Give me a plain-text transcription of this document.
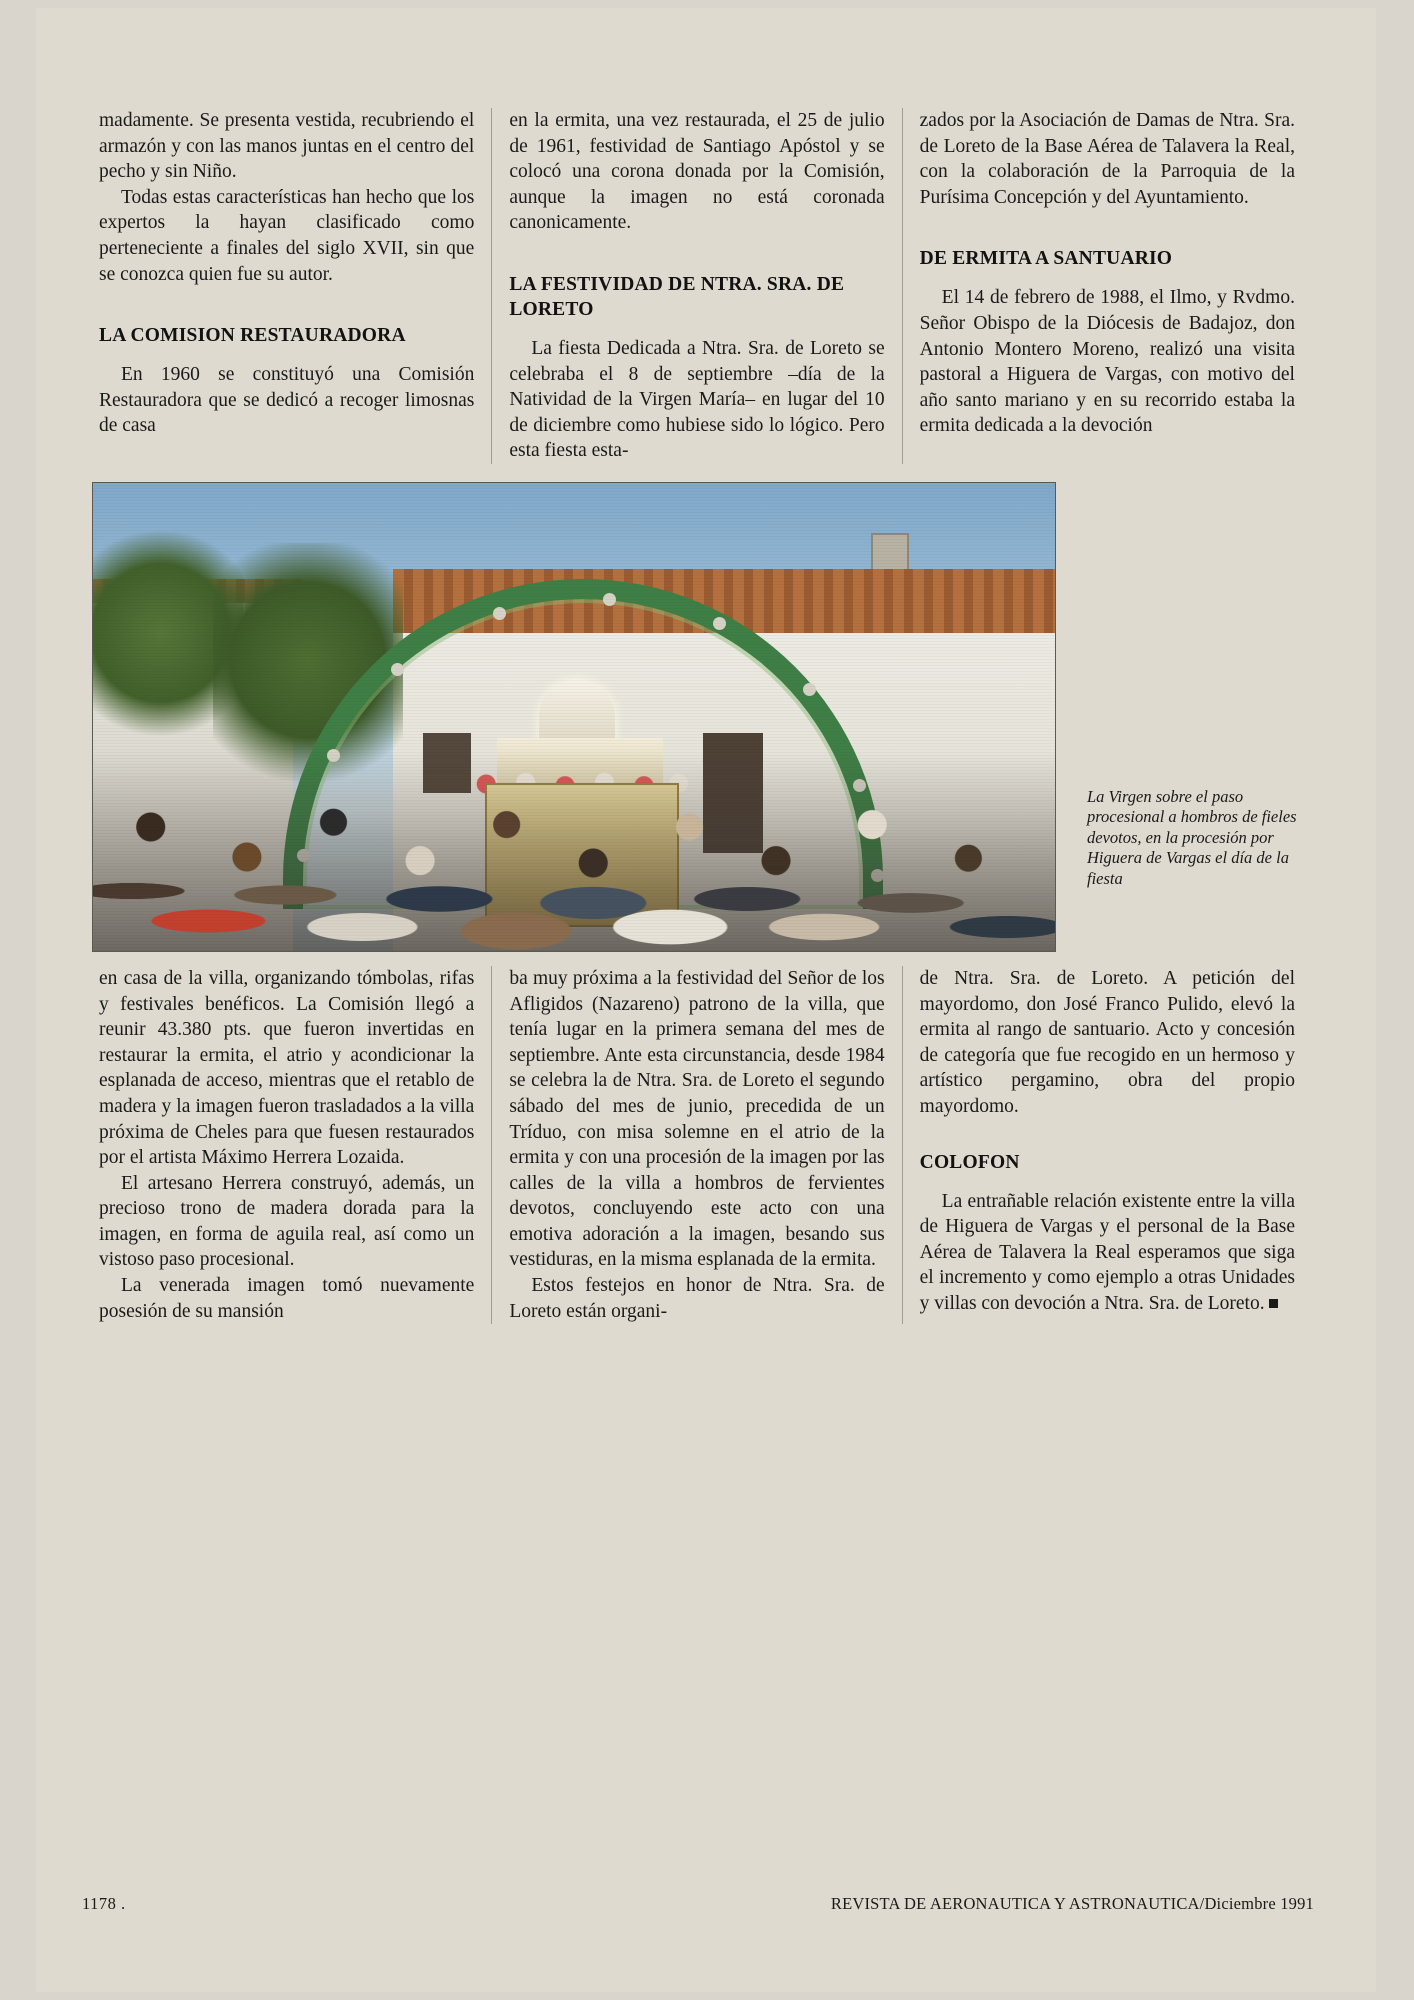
madamente. Se presenta vestida, recubriendo el armazón y con las manos juntas en el centro del pecho y sin Niño.

Todas estas características han hecho que los expertos la hayan clasificado como perteneciente a finales del siglo XVII, sin que se conozca quien fue su autor.

LA COMISION RESTAURADORA

En 1960 se constituyó una Comisión Restauradora que se dedicó a recoger limosnas de casa

en la ermita, una vez restaurada, el 25 de julio de 1961, festividad de Santiago Apóstol y se colocó una corona donada por la Comisión, aunque la imagen no está coronada canonicamente.

LA FESTIVIDAD DE NTRA. SRA. DE LORETO

La fiesta Dedicada a Ntra. Sra. de Loreto se celebraba el 8 de septiembre –día de la Natividad de la Virgen María– en lugar del 10 de diciembre como hubiese sido lo lógico. Pero esta fiesta esta-

zados por la Asociación de Damas de Ntra. Sra. de Loreto de la Base Aérea de Talavera la Real, con la colaboración de la Parroquia de la Purísima Concepción y del Ayuntamiento.

DE ERMITA A SANTUARIO

El 14 de febrero de 1988, el Ilmo, y Rvdmo. Señor Obispo de la Diócesis de Badajoz, don Antonio Montero Moreno, realizó una visita pastoral a Higuera de Vargas, con motivo del año santo mariano y en su recorrido estaba la ermita dedicada a la devoción

La Virgen sobre el paso procesional a hombros de fieles devotos, en la procesión por Higuera de Vargas el día de la fiesta

en casa de la villa, organizando tómbolas, rifas y festivales benéficos. La Comisión llegó a reunir 43.380 pts. que fueron invertidas en restaurar la ermita, el atrio y acondicionar la esplanada de acceso, mientras que el retablo de madera y la imagen fueron trasladados a la villa próxima de Cheles para que fuesen restaurados por el artista Máximo Herrera Lozaida.

El artesano Herrera construyó, además, un precioso trono de madera dorada para la imagen, en forma de aguila real, así como un vistoso paso procesional.

La venerada imagen tomó nuevamente posesión de su mansión

ba muy próxima a la festividad del Señor de los Afligidos (Nazareno) patrono de la villa, que tenía lugar en la primera semana del mes de septiembre. Ante esta circunstancia, desde 1984 se celebra la de Ntra. Sra. de Loreto el segundo sábado del mes de junio, precedida de un Tríduo, con misa solemne en el atrio de la ermita y con una procesión de la imagen por las calles de la villa a hombros de fervientes devotos, concluyendo este acto con una emotiva adoración a la imagen, besando sus vestiduras, en la misma esplanada de la ermita.

Estos festejos en honor de Ntra. Sra. de Loreto están organi-

de Ntra. Sra. de Loreto. A petición del mayordomo, don José Franco Pulido, elevó la ermita al rango de santuario. Acto y concesión de categoría que fue recogido en un hermoso y artístico pergamino, obra del propio mayordomo.

COLOFON

La entrañable relación existente entre la villa de Higuera de Vargas y el personal de la Base Aérea de Talavera la Real esperamos que siga el incremento y como ejemplo a otras Unidades y villas con devoción a Ntra. Sra. de Loreto.

1178 .	REVISTA DE AERONAUTICA Y ASTRONAUTICA/Diciembre 1991
